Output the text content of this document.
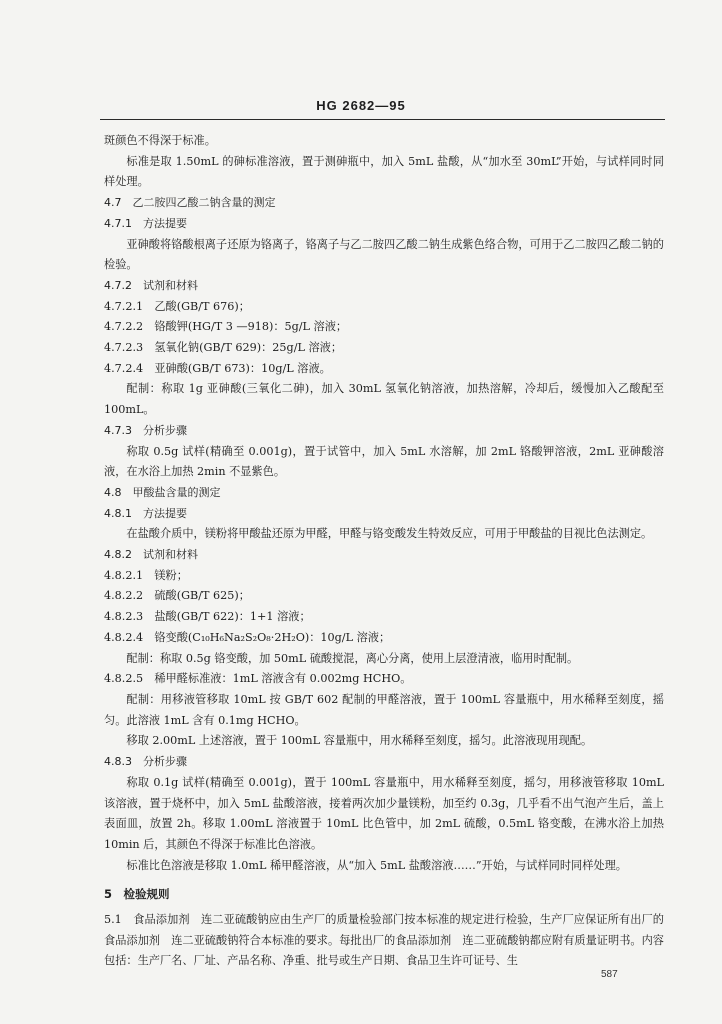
HG 2682—95

斑颜色不得深于标准。

标准是取 1.50mL 的砷标准溶液，置于测砷瓶中，加入 5mL 盐酸，从“加水至 30mL”开始，与试样同时同样处理。

4.7　乙二胺四乙酸二钠含量的测定

4.7.1　方法提要

亚砷酸将铬酸根离子还原为铬离子，铬离子与乙二胺四乙酸二钠生成紫色络合物，可用于乙二胺四乙酸二钠的检验。

4.7.2　试剂和材料

4.7.2.1　乙酸(GB/T 676)；

4.7.2.2　铬酸钾(HG/T 3 —918)：5g/L 溶液；

4.7.2.3　氢氧化钠(GB/T 629)：25g/L 溶液；

4.7.2.4　亚砷酸(GB/T 673)：10g/L 溶液。

配制：称取 1g 亚砷酸(三氧化二砷)，加入 30mL 氢氧化钠溶液，加热溶解，冷却后，缓慢加入乙酸配至 100mL。

4.7.3　分析步骤

称取 0.5g 试样(精确至 0.001g)，置于试管中，加入 5mL 水溶解，加 2mL 铬酸钾溶液，2mL 亚砷酸溶液，在水浴上加热 2min 不显紫色。

4.8　甲酸盐含量的测定

4.8.1　方法提要

在盐酸介质中，镁粉将甲酸盐还原为甲醛，甲醛与铬变酸发生特效反应，可用于甲酸盐的目视比色法测定。

4.8.2　试剂和材料

4.8.2.1　镁粉；

4.8.2.2　硫酸(GB/T 625)；

4.8.2.3　盐酸(GB/T 622)：1+1 溶液；

4.8.2.4　铬变酸(C₁₀H₆Na₂S₂O₈·2H₂O)：10g/L 溶液；

配制：称取 0.5g 铬变酸，加 50mL 硫酸搅混，离心分离，使用上层澄清液，临用时配制。

4.8.2.5　稀甲醛标准液：1mL 溶液含有 0.002mg HCHO。

配制：用移液管移取 10mL 按 GB/T 602 配制的甲醛溶液，置于 100mL 容量瓶中，用水稀释至刻度，摇匀。此溶液 1mL 含有 0.1mg HCHO。

移取 2.00mL 上述溶液，置于 100mL 容量瓶中，用水稀释至刻度，摇匀。此溶液现用现配。

4.8.3　分析步骤

称取 0.1g 试样(精确至 0.001g)，置于 100mL 容量瓶中，用水稀释至刻度，摇匀，用移液管移取 10mL 该溶液，置于烧杯中，加入 5mL 盐酸溶液，接着两次加少量镁粉，加至约 0.3g，几乎看不出气泡产生后，盖上表面皿，放置 2h。移取 1.00mL 溶液置于 10mL 比色管中，加 2mL 硫酸，0.5mL 铬变酸，在沸水浴上加热 10min 后，其颜色不得深于标准比色溶液。

标准比色溶液是移取 1.0mL 稀甲醛溶液，从“加入 5mL 盐酸溶液……”开始，与试样同时同样处理。

5　检验规则

5.1　食品添加剂　连二亚硫酸钠应由生产厂的质量检验部门按本标准的规定进行检验，生产厂应保证所有出厂的食品添加剂　连二亚硫酸钠符合本标准的要求。每批出厂的食品添加剂　连二亚硫酸钠都应附有质量证明书。内容包括：生产厂名、厂址、产品名称、净重、批号或生产日期、食品卫生许可证号、生

587
